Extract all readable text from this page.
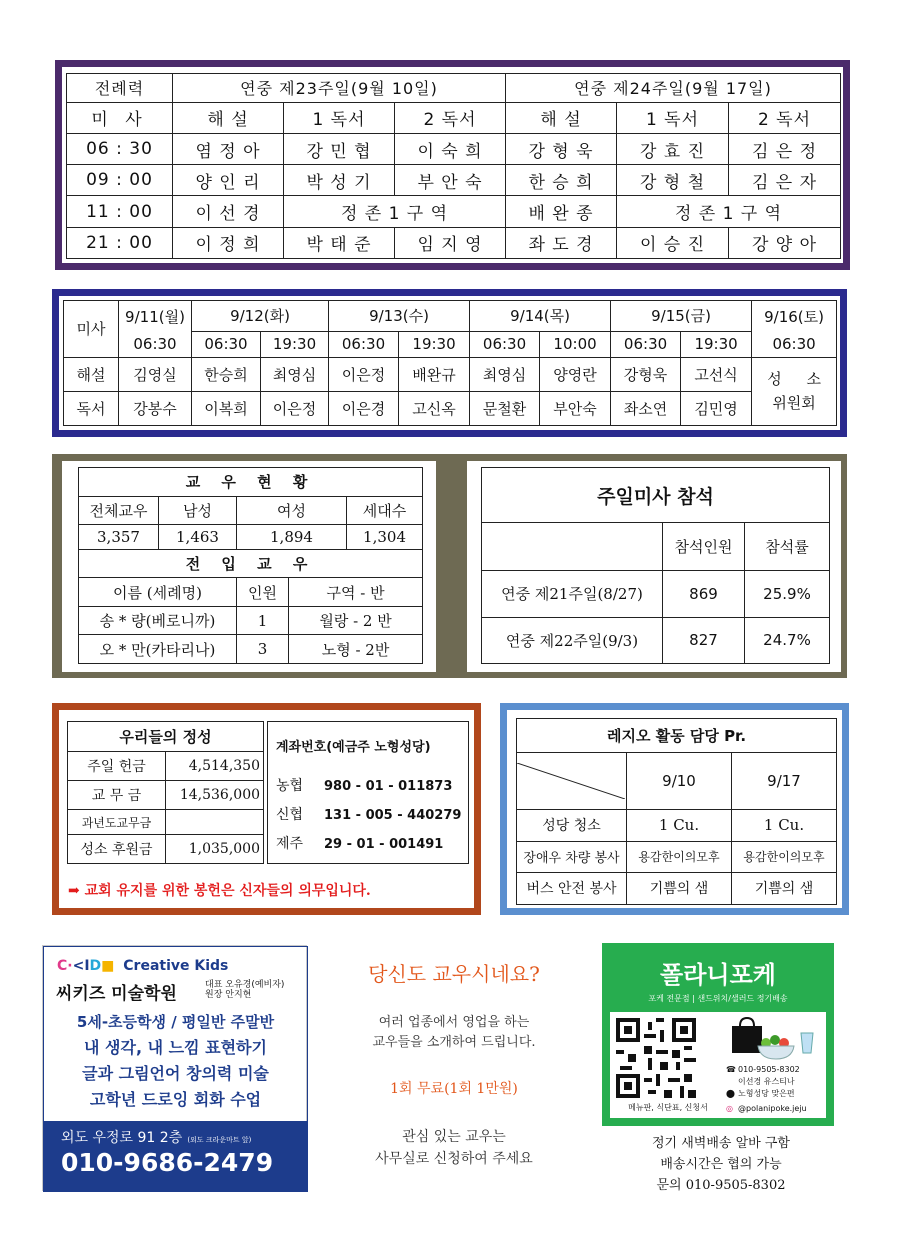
전례력	연중 제23주일(9월 10일)			연중 제24주일(9월 17일)		
미 사	해 설	1 독서	2 독서	해 설	1 독서	2 독서
06 : 30	염 정 아	강 민 협	이 숙 희	강 형 욱	강 효 진	김 은 정
09 : 00	양 인 리	박 성 기	부 안 숙	한 승 희	강 형 철	김 은 자
11 : 00	이 선 경	정 존 1 구 역		배 완 종	정 존 1 구 역	
21 : 00	이 정 희	박 태 준	임 지 영	좌 도 경	이 승 진	강 양 아
미사	9/11(월)	9/12(화)		9/13(수)		9/14(목)		9/15(금)		9/16(토)
	06:30	06:30	19:30	06:30	19:30	06:30	10:00	06:30	19:30	06:30
해설	김영실	한승희	최영심	이은정	배완규	최영심	양영란	강형욱	고선식	성 소
위원회

독서	강봉수	이복희	이은정	이은경	고신옥	문철환	부안숙	좌소연	김민영	
교 우 현 황				
전체교우	남성	여성		세대수
3,357	1,463	1,894		1,304
전 입 교 우				
이름 (세례명)		인원	구역 - 반	
송 * 량(베로니까)		1	월랑 - 2 반	
오 * 만(카타리나)		3	노형 - 2반	
주일미사 참석		
	참석인원	참석률
연중 제21주일(8/27)	869	25.9%
연중 제22주일(9/3)	827	24.7%
우리들의 정성	
주일 헌금	4,514,350
교 무 금	14,536,000
과년도교무금	
성소 후원금	1,035,000
계좌번호(예금주 노형성당)
농협 980 - 01 - 011873
신협 131 - 005 - 440279
제주 29 - 01 - 001491
➡ 교회 유지를 위한 봉헌은 신자들의 의무입니다.
레지오 활동 담당 Pr.		

	9/10	9/17
성당 청소	1 Cu.	1 Cu.
장애우 차량 봉사	용감한이의모후	용감한이의모후
버스 안전 봉사	기쁨의 샘	기쁨의 샘
C·<ID■ Creative Kids
씨키즈 미술학원	대표 오유경(예비자)
원장 안지현
5세-초등학생 / 평일반 주말반
내 생각, 내 느낌 표현하기
글과 그림언어 창의력 미술
고학년 드로잉 회화 수업
외도 우정로 91 2층 (외도 크라운마트 앞)
010-9686-2479
당신도 교우시네요?
여러 업종에서 영업을 하는
교우들을 소개하여 드립니다.
1회 무료(1회 1만원)
관심 있는 교우는
사무실로 신청하여 주세요
폴라니포케
포케 전문점 | 샌드위치/샐러드 정기배송
☎ 010-9505-8302
이선경 유스티나
⬤ 노형성당 맞은편
◎ @polanipoke.jeju
메뉴판, 식단표, 신청서
정기 새벽배송 알바 구함
배송시간은 협의 가능
문의 010-9505-8302
